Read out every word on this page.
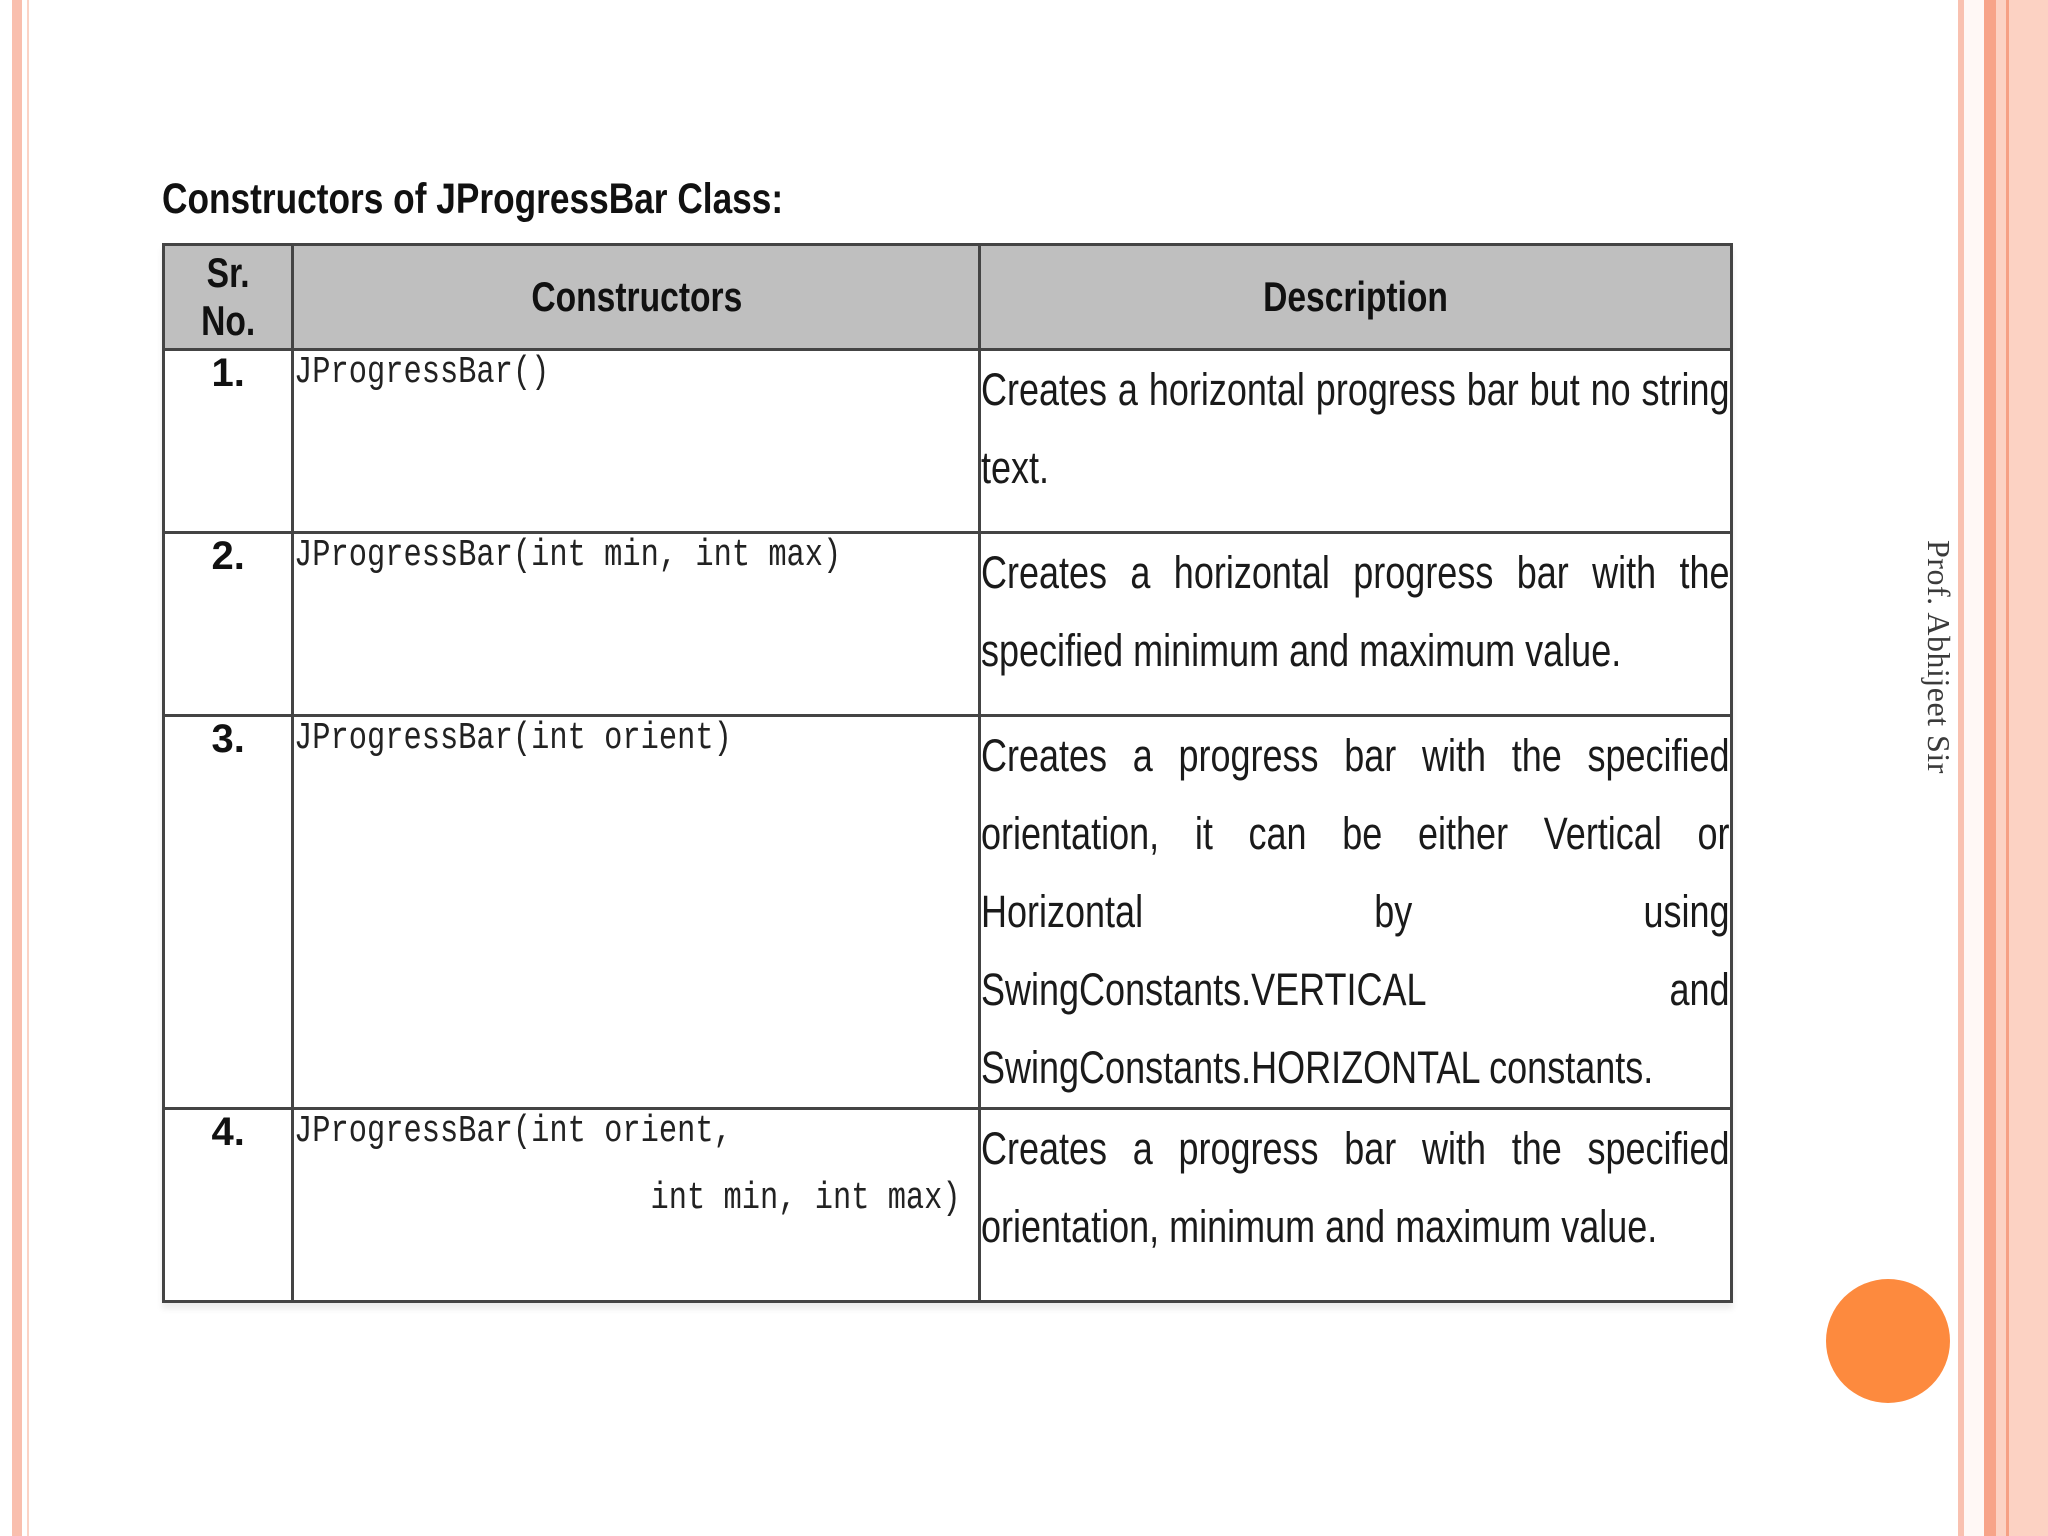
Prof. Abhijeet Sir
Constructors of JProgressBar Class:
Sr. No.	Constructors	Description
1.	JProgressBar()	Creates a horizontal progress bar but no string text.

2.	JProgressBar(int min, int max)	Creates a horizontal progress bar with the specified minimum and maximum value.

3.	JProgressBar(int orient)	Creates a progress bar with the specified orientation, it can be either Vertical or Horizontal by using SwingConstants.VERTICAL and SwingConstants.HORIZONTAL constants.

4.	JProgressBar(int orient,
int min, int max)	Creates a progress bar with the specified orientation, minimum and maximum value.
